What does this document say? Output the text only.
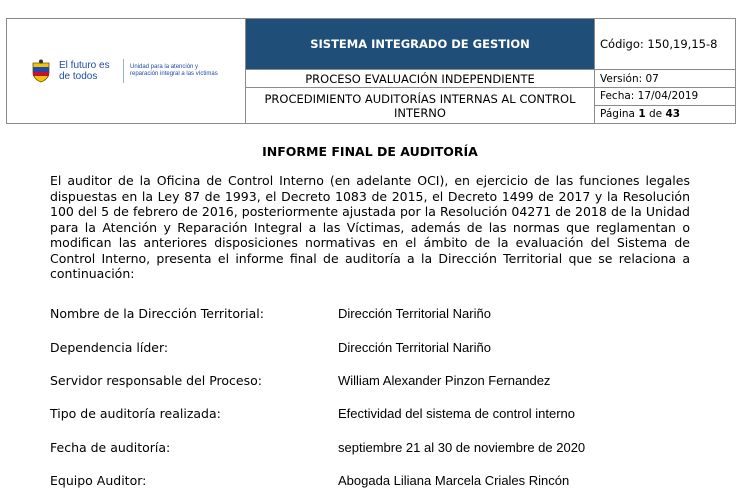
El futuro es de todos
Unidad para la atención y reparación integral a las víctimas	SISTEMA INTEGRADO DE GESTION	Código: 150,19,15-8
	PROCESO EVALUACIÓN INDEPENDIENTE	Versión: 07
	PROCEDIMIENTO AUDITORÍAS INTERNAS AL CONTROL INTERNO	Fecha: 17/04/2019
Página 1 de 43
INFORME FINAL DE AUDITORÍA
El auditor de la Oficina de Control Interno (en adelante OCI), en ejercicio de las funciones legales dispuestas en la Ley 87 de 1993, el Decreto 1083 de 2015, el Decreto 1499 de 2017 y la Resolución 100 del 5 de febrero de 2016, posteriormente ajustada por la Resolución 04271 de 2018 de la Unidad para la Atención y Reparación Integral a las Víctimas, además de las normas que reglamentan o modifican las anteriores disposiciones normativas en el ámbito de la evaluación del Sistema de Control Interno, presenta el informe final de auditoría a la Dirección Territorial que se relaciona a continuación:
Nombre de la Dirección Territorial:	Dirección Territorial Nariño
Dependencia líder:	Dirección Territorial Nariño
Servidor responsable del Proceso:	William Alexander Pinzon Fernandez
Tipo de auditoría realizada:	Efectividad del sistema de control interno
Fecha de auditoría:	septiembre 21 al 30 de noviembre de 2020
Equipo Auditor:	Abogada Liliana Marcela Criales Rincón
